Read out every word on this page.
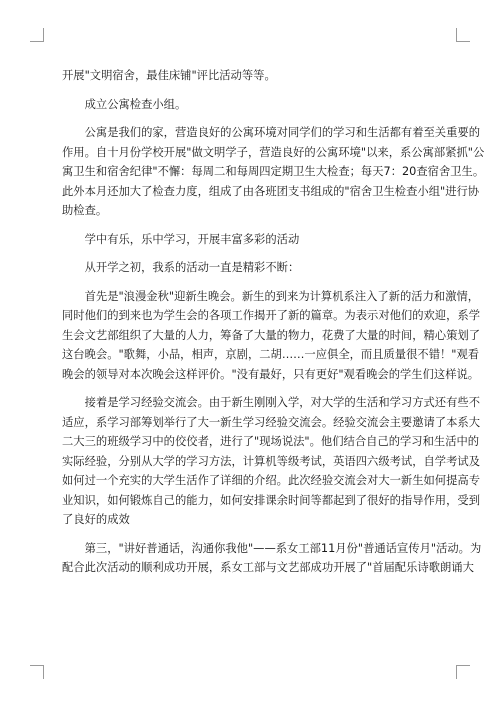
开展"文明宿舍，最佳床铺"评比活动等等。
　　成立公寓检查小组。
　　公寓是我们的家，营造良好的公寓环境对同学们的学习和生活都有着至关重要的
作用。自十月份学校开展"做文明学子，营造良好的公寓环境"以来，系公寓部紧抓"公
寓卫生和宿舍纪律"不懈：每周二和每周四定期卫生大检查；每天7：20查宿舍卫生。
此外本月还加大了检查力度，组成了由各班团支书组成的"宿舍卫生检查小组"进行协
助检查。
　　学中有乐，乐中学习，开展丰富多彩的活动
　　从开学之初，我系的活动一直是精彩不断：
　　首先是"浪漫金秋"迎新生晚会。新生的到来为计算机系注入了新的活力和激情，
同时他们的到来也为学生会的各项工作揭开了新的篇章。为表示对他们的欢迎，系学
生会文艺部组织了大量的人力，筹备了大量的物力，花费了大量的时间，精心策划了
这台晚会。"歌舞，小品，相声，京剧，二胡……一应俱全，而且质量很不错！"观看
晚会的领导对本次晚会这样评价。"没有最好，只有更好"观看晚会的学生们这样说。
　　接着是学习经验交流会。由于新生刚刚入学，对大学的生活和学习方式还有些不
适应，系学习部筹划举行了大一新生学习经验交流会。经验交流会主要邀请了本系大
二大三的班级学习中的佼佼者，进行了"现场说法"。他们结合自己的学习和生活中的
实际经验，分别从大学的学习方法，计算机等级考试，英语四六级考试，自学考试及
如何过一个充实的大学生活作了详细的介绍。此次经验交流会对大一新生如何提高专
业知识，如何锻炼自己的能力，如何安排课余时间等都起到了很好的指导作用，受到
了良好的成效
　　第三，"讲好普通话，沟通你我他"——系女工部11月份"普通话宣传月"活动。为
配合此次活动的顺利成功开展，系女工部与文艺部成功开展了"首届配乐诗歌朗诵大
